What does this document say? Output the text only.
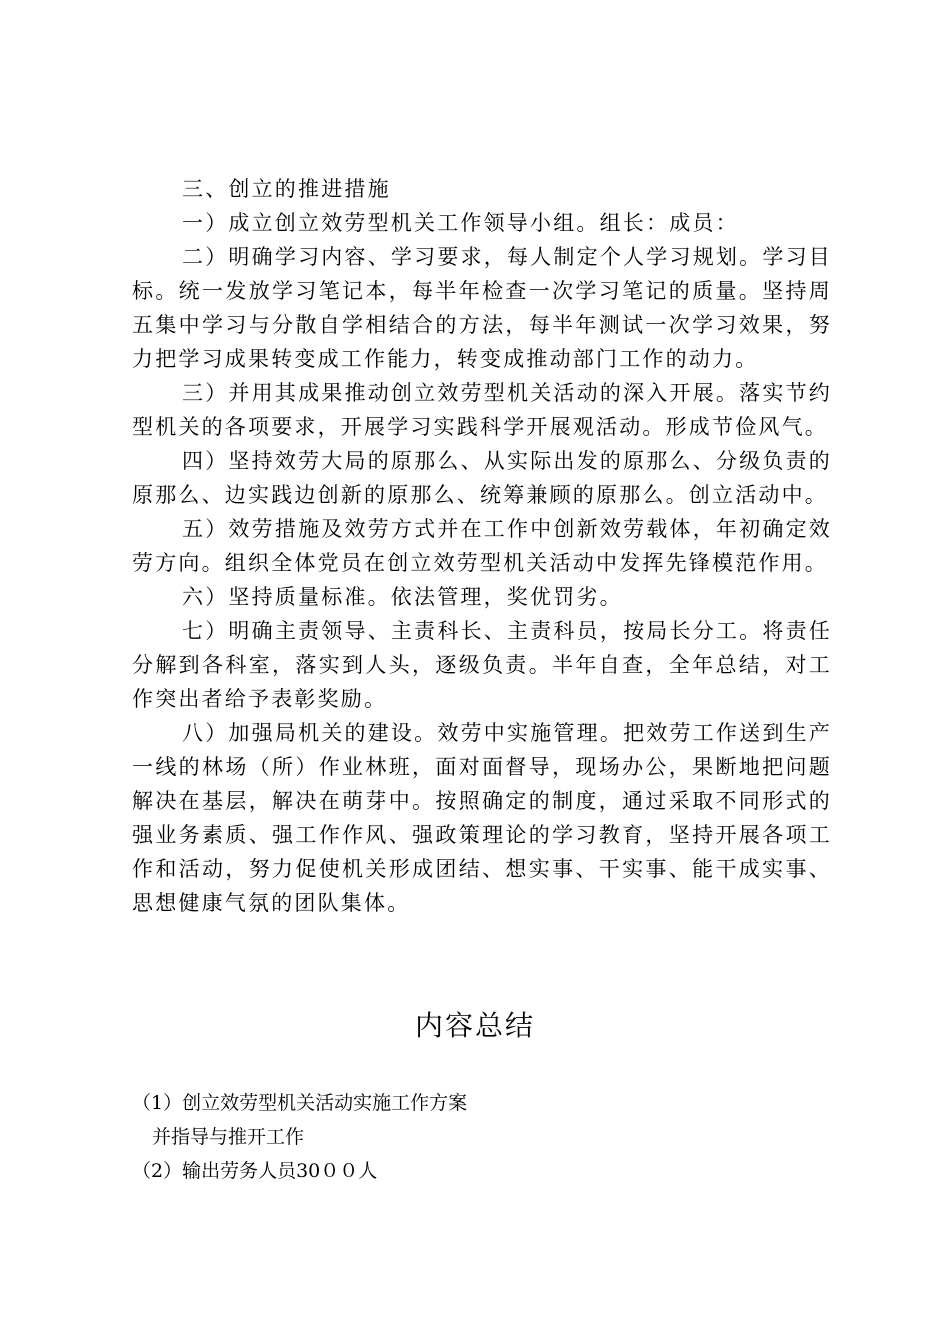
三、创立的推进措施

一）成立创立效劳型机关工作领导小组。组长：成员：

二）明确学习内容、学习要求，每人制定个人学习规划。学习目标。统一发放学习笔记本，每半年检查一次学习笔记的质量。坚持周五集中学习与分散自学相结合的方法，每半年测试一次学习效果，努力把学习成果转变成工作能力，转变成推动部门工作的动力。

三）并用其成果推动创立效劳型机关活动的深入开展。落实节约型机关的各项要求，开展学习实践科学开展观活动。形成节俭风气。

四）坚持效劳大局的原那么、从实际出发的原那么、分级负责的原那么、边实践边创新的原那么、统筹兼顾的原那么。创立活动中。

五）效劳措施及效劳方式并在工作中创新效劳载体，年初确定效劳方向。组织全体党员在创立效劳型机关活动中发挥先锋模范作用。

六）坚持质量标准。依法管理，奖优罚劣。

七）明确主责领导、主责科长、主责科员，按局长分工。将责任分解到各科室，落实到人头，逐级负责。半年自查，全年总结，对工作突出者给予表彰奖励。

八）加强局机关的建设。效劳中实施管理。把效劳工作送到生产一线的林场（所）作业林班，面对面督导，现场办公，果断地把问题解决在基层，解决在萌芽中。按照确定的制度，通过采取不同形式的强业务素质、强工作作风、强政策理论的学习教育，坚持开展各项工作和活动，努力促使机关形成团结、想实事、干实事、能干成实事、思想健康气氛的团队集体。

内容总结

（1）创立效劳型机关活动实施工作方案

并指导与推开工作

（2）输出劳务人员30００人
